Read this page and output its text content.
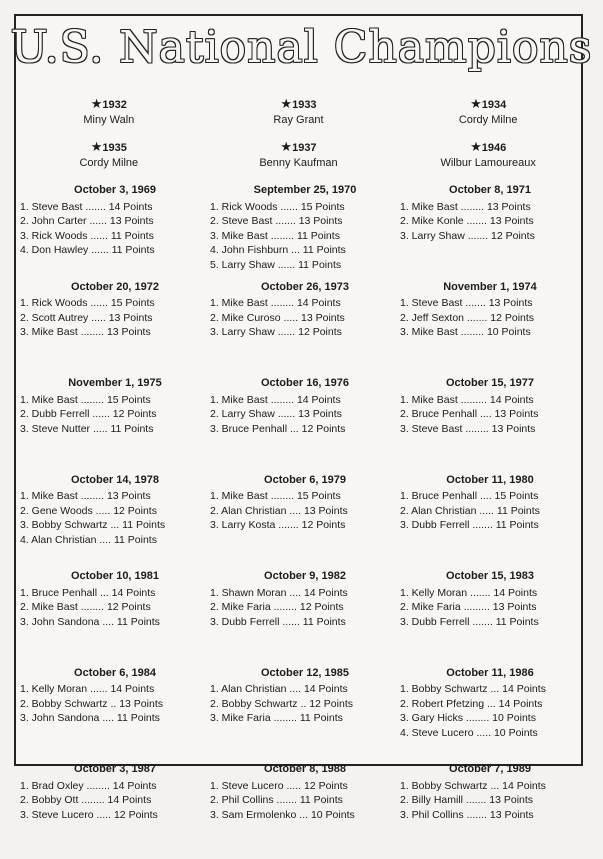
U.S. National Champions
★1932
Miny Waln
★1933
Ray Grant
★1934
Cordy Milne
★1935
Cordy Milne
★1937
Benny Kaufman
★1946
Wilbur Lamoureaux
October 3, 1969
1. Steve Bast ....... 14 Points
2. John Carter ...... 13 Points
3. Rick Woods ...... 11 Points
4. Don Hawley ...... 11 Points
September 25, 1970
1. Rick Woods ...... 15 Points
2. Steve Bast ....... 13 Points
3. Mike Bast ........ 11 Points
4. John Fishburn ... 11 Points
5. Larry Shaw ...... 11 Points
October 8, 1971
1. Mike Bast ........ 13 Points
2. Mike Konle ....... 13 Points
3. Larry Shaw ....... 12 Points
October 20, 1972
1. Rick Woods ...... 15 Points
2. Scott Autrey ..... 13 Points
3. Mike Bast ........ 13 Points
October 26, 1973
1. Mike Bast ........ 14 Points
2. Mike Curoso ..... 13 Points
3. Larry Shaw ...... 12 Points
November 1, 1974
1. Steve Bast ....... 13 Points
2. Jeff Sexton ....... 12 Points
3. Mike Bast ........ 10 Points
November 1, 1975
1. Mike Bast ........ 15 Points
2. Dubb Ferrell ...... 12 Points
3. Steve Nutter ..... 11 Points
October 16, 1976
1. Mike Bast ........ 14 Points
2. Larry Shaw ...... 13 Points
3. Bruce Penhall ... 12 Points
October 15, 1977
1. Mike Bast ......... 14 Points
2. Bruce Penhall .... 13 Points
3. Steve Bast ........ 13 Points
October 14, 1978
1. Mike Bast ........ 13 Points
2. Gene Woods ..... 12 Points
3. Bobby Schwartz ... 11 Points
4. Alan Christian .... 11 Points
October 6, 1979
1. Mike Bast ........ 15 Points
2. Alan Christian .... 13 Points
3. Larry Kosta ....... 12 Points
October 11, 1980
1. Bruce Penhall .... 15 Points
2. Alan Christian ..... 11 Points
3. Dubb Ferrell ....... 11 Points
October 10, 1981
1. Bruce Penhall ... 14 Points
2. Mike Bast ........ 12 Points
3. John Sandona .... 11 Points
October 9, 1982
1. Shawn Moran .... 14 Points
2. Mike Faria ........ 12 Points
3. Dubb Ferrell ...... 11 Points
October 15, 1983
1. Kelly Moran ....... 14 Points
2. Mike Faria ......... 13 Points
3. Dubb Ferrell ....... 11 Points
October 6, 1984
1. Kelly Moran ...... 14 Points
2. Bobby Schwartz .. 13 Points
3. John Sandona .... 11 Points
October 12, 1985
1. Alan Christian .... 14 Points
2. Bobby Schwartz .. 12 Points
3. Mike Faria ........ 11 Points
October 11, 1986
1. Bobby Schwartz ... 14 Points
2. Robert Pfetzing ... 14 Points
3. Gary Hicks ........ 10 Points
4. Steve Lucero ..... 10 Points
October 3, 1987
1. Brad Oxley ........ 14 Points
2. Bobby Ott ........ 14 Points
3. Steve Lucero ..... 12 Points
October 8, 1988
1. Steve Lucero ..... 12 Points
2. Phil Collins ....... 11 Points
3. Sam Ermolenko ... 10 Points
October 7, 1989
1. Bobby Schwartz ... 14 Points
2. Billy Hamill ....... 13 Points
3. Phil Collins ....... 13 Points
